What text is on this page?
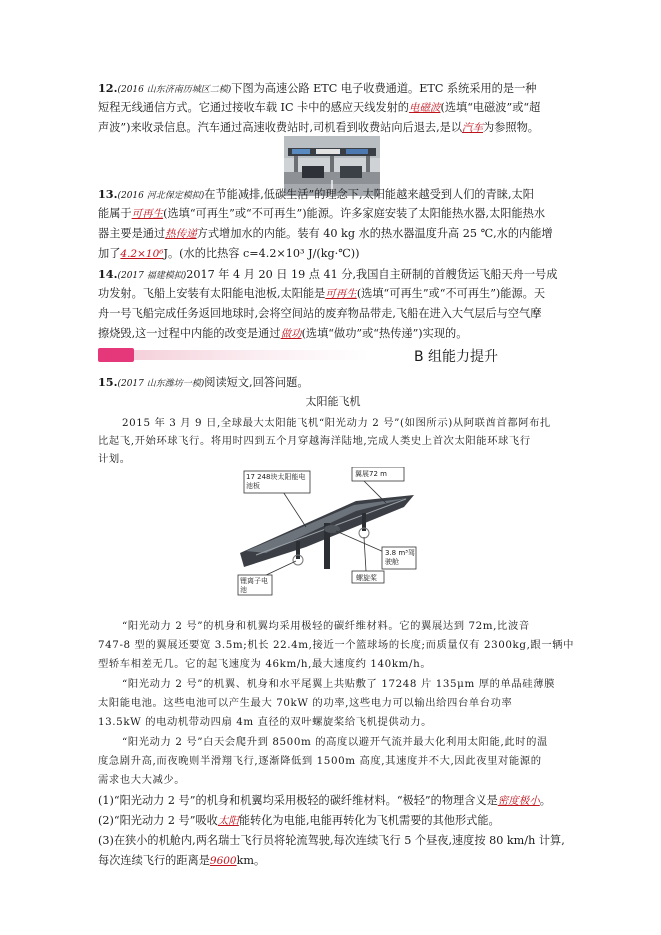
12.(2016 山东济南历城区二模)下图为高速公路 ETC 电子收费通道。ETC 系统采用的是一种
短程无线通信方式。它通过接收车载 IC 卡中的感应天线发射的电磁波(选填“电磁波”或“超
声波”)来收录信息。汽车通过高速收费站时,司机看到收费站向后退去,是以汽车为参照物。
13.(2016 河北保定模拟)在节能减排,低碳生活”的理念下,太阳能越来越受到人们的青睐,太阳
能属于可再生(选填“可再生”或“不可再生”)能源。许多家庭安装了太阳能热水器,太阳能热水
器主要是通过热传递方式增加水的内能。装有 40 kg 水的热水器温度升高 25 ℃,水的内能增
加了4.2×10⁶J。(水的比热容 c=4.2×10³ J/(kg·℃))
14.(2017 福建模拟)2017 年 4 月 20 日 19 点 41 分,我国自主研制的首艘货运飞船天舟一号成
功发射。飞船上安装有太阳能电池板,太阳能是可再生(选填“可再生”或“不可再生”)能源。天
舟一号飞船完成任务返回地球时,会将空间站的废弃物品带走,飞船在进入大气层后与空气摩
擦烧毁,这一过程中内能的改变是通过做功(选填“做功”或“热传递”)实现的。
B 组能力提升
15.(2017 山东潍坊一模)阅读短文,回答问题。
太阳能飞机
2015 年 3 月 9 日,全球最大太阳能飞机“阳光动力 2 号”(如图所示)从阿联酋首都阿布扎
比起飞,开始环球飞行。将用时四到五个月穿越海洋陆地,完成人类史上首次太阳能环球飞行
计划。
17 248块太阳能电池板
翼展72 m
3.8 m³驾驶舱
螺旋桨
锂离子电池
“阳光动力 2 号”的机身和机翼均采用极轻的碳纤维材料。它的翼展达到 72m,比波音
747-8 型的翼展还要宽 3.5m;机长 22.4m,接近一个篮球场的长度;而质量仅有 2300kg,跟一辆中
型轿车相差无几。它的起飞速度为 46km/h,最大速度约 140km/h。
“阳光动力 2 号”的机翼、机身和水平尾翼上共贴敷了 17248 片 135μm 厚的单晶硅薄膜
太阳能电池。这些电池可以产生最大 70kW 的功率,这些电力可以输出给四台单台功率
13.5kW 的电动机带动四扇 4m 直径的双叶螺旋桨给飞机提供动力。
“阳光动力 2 号”白天会爬升到 8500m 的高度以避开气流并最大化利用太阳能,此时的温
度急剧升高,而夜晚则半滑翔飞行,逐渐降低到 1500m 高度,其速度并不大,因此夜里对能源的
需求也大大减少。
(1)“阳光动力 2 号”的机身和机翼均采用极轻的碳纤维材料。“极轻”的物理含义是密度极小。
(2)“阳光动力 2 号”吸收太阳能转化为电能,电能再转化为飞机需要的其他形式能。
(3)在狭小的机舱内,两名瑞士飞行员将轮流驾驶,每次连续飞行 5 个昼夜,速度按 80 km/h 计算,
每次连续飞行的距离是9600km。
